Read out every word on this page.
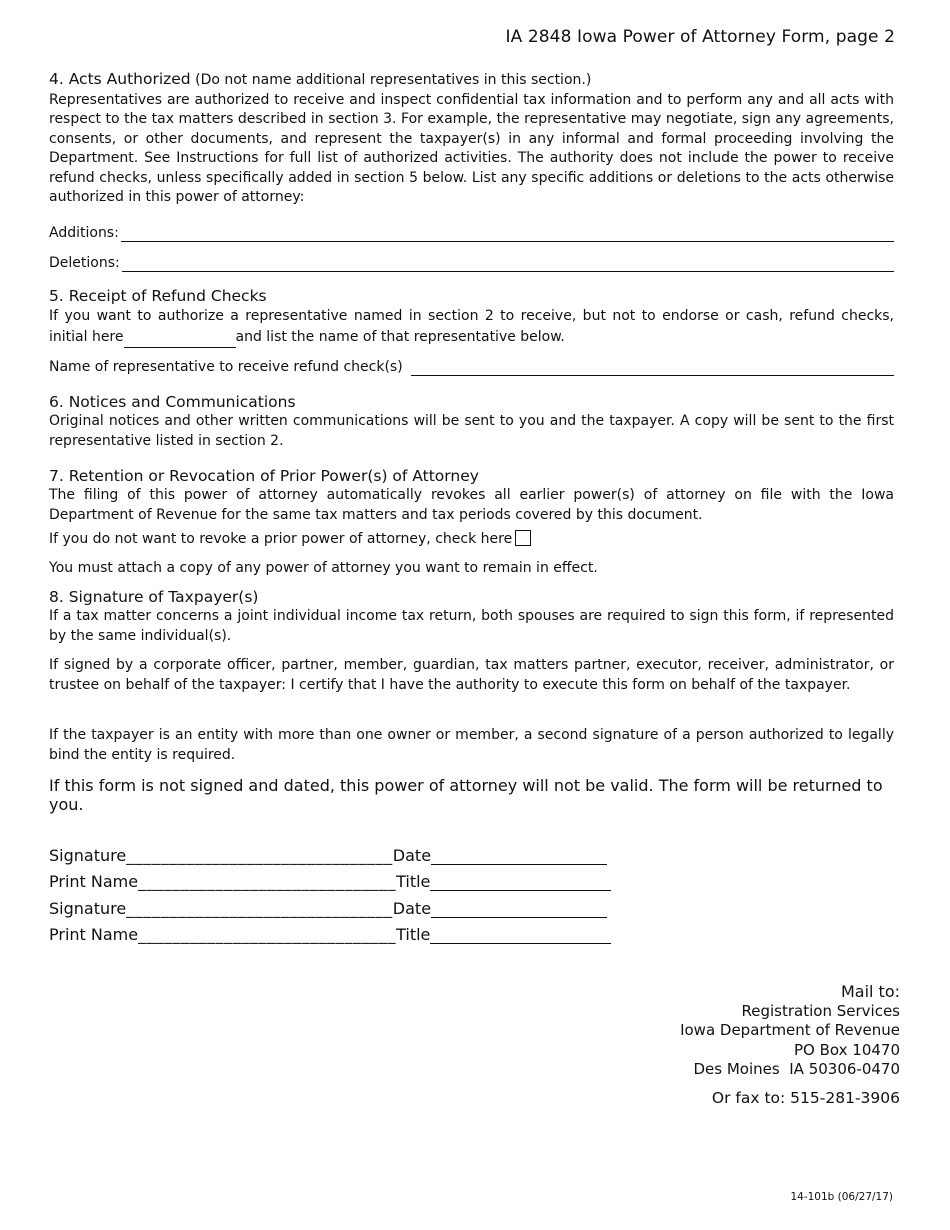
IA 2848 Iowa Power of Attorney Form, page 2
4. Acts Authorized (Do not name additional representatives in this section.)
Representatives are authorized to receive and inspect confidential tax information and to perform any and all acts with respect to the tax matters described in section 3. For example, the representative may negotiate, sign any agreements, consents, or other documents, and represent the taxpayer(s) in any informal and formal proceeding involving the Department. See Instructions for full list of authorized activities. The authority does not include the power to receive refund checks, unless specifically added in section 5 below. List any specific additions or deletions to the acts otherwise authorized in this power of attorney:
Additions:
Deletions:
5. Receipt of Refund Checks
If you want to authorize a representative named in section 2 to receive, but not to endorse or cash, refund checks, initial here	and list the name of that representative below.
Name of representative to receive refund check(s)
6. Notices and Communications
Original notices and other written communications will be sent to you and the taxpayer. A copy will be sent to the first representative listed in section 2.
7. Retention or Revocation of Prior Power(s) of Attorney
The filing of this power of attorney automatically revokes all earlier power(s) of attorney on file with the Iowa Department of Revenue for the same tax matters and tax periods covered by this document.
If you do not want to revoke a prior power of attorney, check here
You must attach a copy of any power of attorney you want to remain in effect.
8. Signature of Taxpayer(s)
If a tax matter concerns a joint individual income tax return, both spouses are required to sign this form, if represented by the same individual(s).
If signed by a corporate officer, partner, member, guardian, tax matters partner, executor, receiver, administrator, or trustee on behalf of the taxpayer: I certify that I have the authority to execute this form on behalf of the taxpayer.
If the taxpayer is an entity with more than one owner or member, a second signature of a person authorized to legally bind the entity is required.
If this form is not signed and dated, this power of attorney will not be valid. The form will be returned to you.
Signature_______________________________Date
Print Name______________________________Title
Signature_______________________________Date
Print Name______________________________Title
Mail to:
Registration Services
Iowa Department of Revenue
PO Box 10470
Des Moines  IA 50306-0470
Or fax to: 515-281-3906
14-101b (06/27/17)
